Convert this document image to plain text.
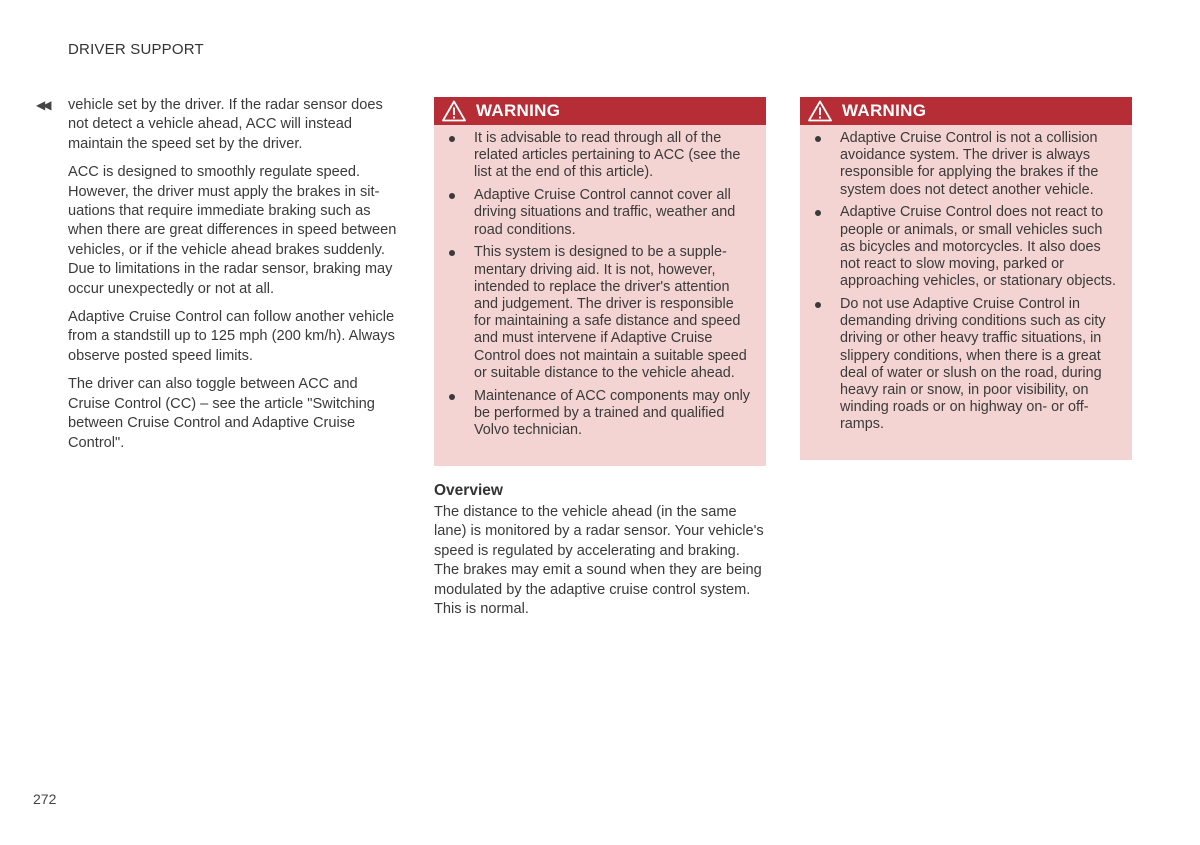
DRIVER SUPPORT
◀◀ vehicle set by the driver. If the radar sensor does not detect a vehicle ahead, ACC will instead maintain the speed set by the driver.

ACC is designed to smoothly regulate speed. However, the driver must apply the brakes in situations that require immediate braking such as when there are great differences in speed between vehicles, or if the vehicle ahead brakes suddenly. Due to limitations in the radar sensor, braking may occur unexpectedly or not at all.

Adaptive Cruise Control can follow another vehicle from a standstill up to 125 mph (200 km/h). Always observe posted speed limits.

The driver can also toggle between ACC and Cruise Control (CC) – see the article "Switching between Cruise Control and Adaptive Cruise Control".

WARNING
It is advisable to read through all of the related articles pertaining to ACC (see the list at the end of this article).
Adaptive Cruise Control cannot cover all driving situations and traffic, weather and road conditions.
This system is designed to be a supplementary driving aid. It is not, however, intended to replace the driver's attention and judgement. The driver is responsible for maintaining a safe distance and speed and must intervene if Adaptive Cruise Control does not maintain a suitable speed or suitable distance to the vehicle ahead.
Maintenance of ACC components may only be performed by a trained and qualified Volvo technician.
Overview

The distance to the vehicle ahead (in the same lane) is monitored by a radar sensor. Your vehicle's speed is regulated by accelerating and braking. The brakes may emit a sound when they are being modulated by the adaptive cruise control system. This is normal.

WARNING
Adaptive Cruise Control is not a collision avoidance system. The driver is always responsible for applying the brakes if the system does not detect another vehicle.
Adaptive Cruise Control does not react to people or animals, or small vehicles such as bicycles and motorcycles. It also does not react to slow moving, parked or approaching vehicles, or stationary objects.
Do not use Adaptive Cruise Control in demanding driving conditions such as city driving or other heavy traffic situations, in slippery conditions, when there is a great deal of water or slush on the road, during heavy rain or snow, in poor visibility, on winding roads or on highway on- or off-ramps.
272
